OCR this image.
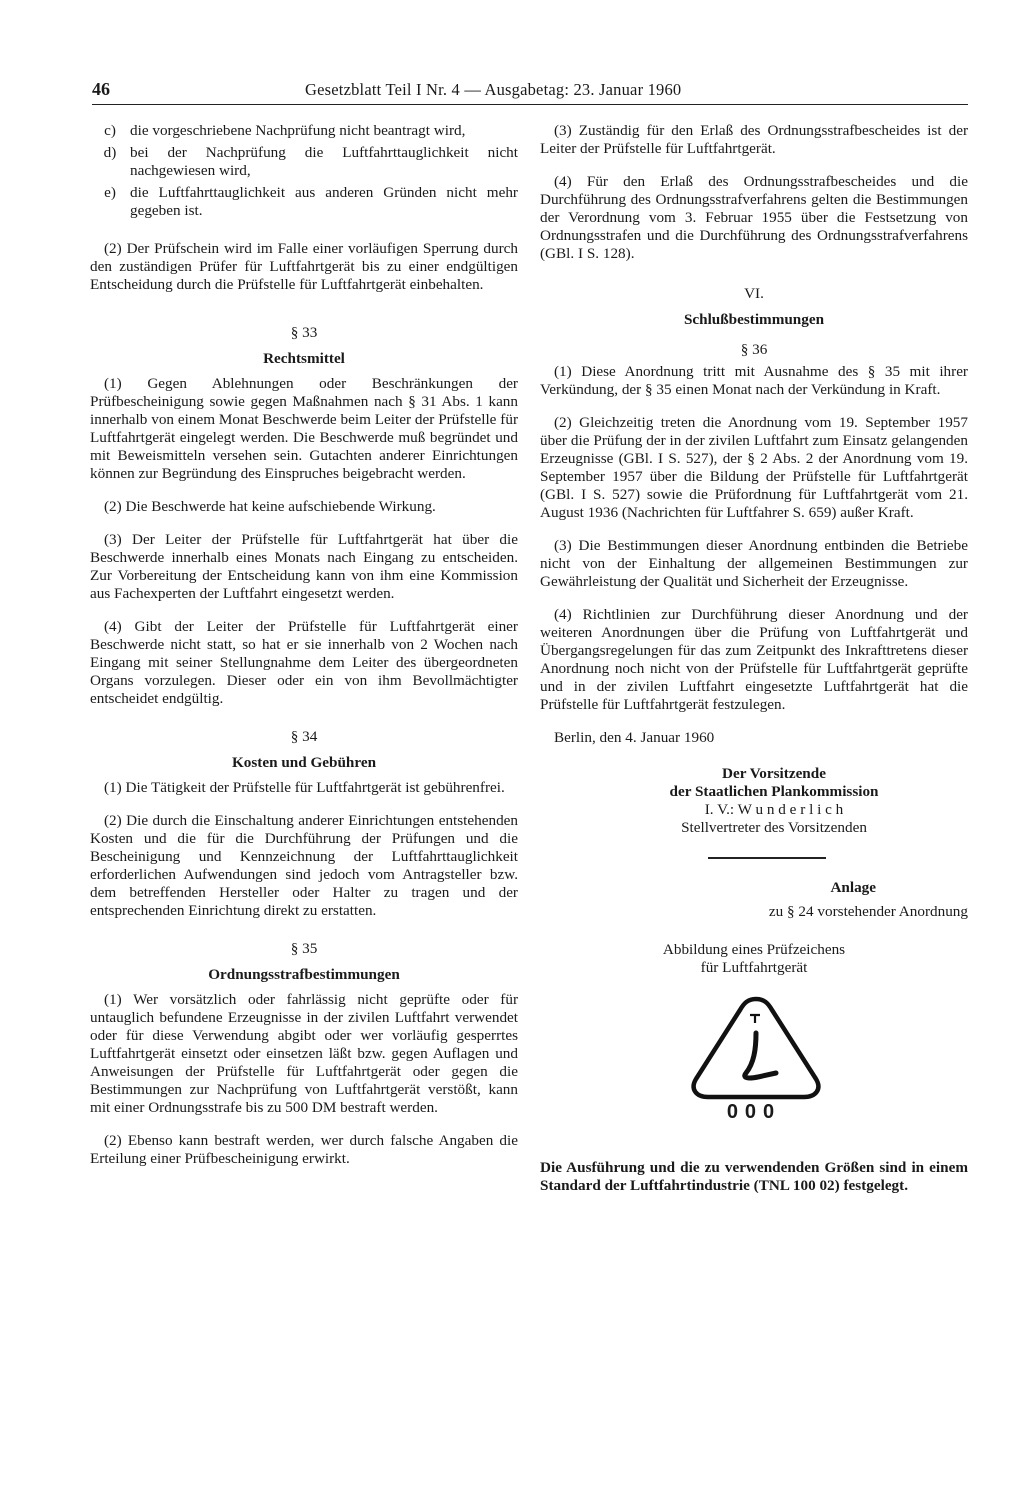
46	Gesetzblatt Teil I Nr. 4 — Ausgabetag: 23. Januar 1960
c) die vorgeschriebene Nachprüfung nicht beantragt wird,
d) bei der Nachprüfung die Luftfahrttauglichkeit nicht nachgewiesen wird,
e) die Luftfahrttauglichkeit aus anderen Gründen nicht mehr gegeben ist.

(2) Der Prüfschein wird im Falle einer vorläufigen Sperrung durch den zuständigen Prüfer für Luftfahrtgerät bis zu einer endgültigen Entscheidung durch die Prüfstelle für Luftfahrtgerät einbehalten.

§ 33
Rechtsmittel

(1) Gegen Ablehnungen oder Beschränkungen der Prüfbescheinigung sowie gegen Maßnahmen nach § 31 Abs. 1 kann innerhalb von einem Monat Beschwerde beim Leiter der Prüfstelle für Luftfahrtgerät eingelegt werden. Die Beschwerde muß begründet und mit Beweismitteln versehen sein. Gutachten anderer Einrichtungen können zur Begründung des Einspruches beigebracht werden.

(2) Die Beschwerde hat keine aufschiebende Wirkung.

(3) Der Leiter der Prüfstelle für Luftfahrtgerät hat über die Beschwerde innerhalb eines Monats nach Eingang zu entscheiden. Zur Vorbereitung der Entscheidung kann von ihm eine Kommission aus Fachexperten der Luftfahrt eingesetzt werden.

(4) Gibt der Leiter der Prüfstelle für Luftfahrtgerät einer Beschwerde nicht statt, so hat er sie innerhalb von 2 Wochen nach Eingang mit seiner Stellungnahme dem Leiter des übergeordneten Organs vorzulegen. Dieser oder ein von ihm Bevollmächtigter entscheidet endgültig.

§ 34
Kosten und Gebühren

(1) Die Tätigkeit der Prüfstelle für Luftfahrtgerät ist gebührenfrei.

(2) Die durch die Einschaltung anderer Einrichtungen entstehenden Kosten und die für die Durchführung der Prüfungen und die Bescheinigung und Kennzeichnung der Luftfahrttauglichkeit erforderlichen Aufwendungen sind jedoch vom Antragsteller bzw. dem betreffenden Hersteller oder Halter zu tragen und der entsprechenden Einrichtung direkt zu erstatten.

§ 35
Ordnungsstrafbestimmungen

(1) Wer vorsätzlich oder fahrlässig nicht geprüfte oder für untauglich befundene Erzeugnisse in der zivilen Luftfahrt verwendet oder für diese Verwendung abgibt oder wer vorläufig gesperrtes Luftfahrtgerät einsetzt oder einsetzen läßt bzw. gegen Auflagen und Anweisungen der Prüfstelle für Luftfahrtgerät oder gegen die Bestimmungen zur Nachprüfung von Luftfahrtgerät verstößt, kann mit einer Ordnungsstrafe bis zu 500 DM bestraft werden.

(2) Ebenso kann bestraft werden, wer durch falsche Angaben die Erteilung einer Prüfbescheinigung erwirkt.

(3) Zuständig für den Erlaß des Ordnungsstrafbescheides ist der Leiter der Prüfstelle für Luftfahrtgerät.

(4) Für den Erlaß des Ordnungsstrafbescheides und die Durchführung des Ordnungsstrafverfahrens gelten die Bestimmungen der Verordnung vom 3. Februar 1955 über die Festsetzung von Ordnungsstrafen und die Durchführung des Ordnungsstrafverfahrens (GBl. I S. 128).

VI.
Schlußbestimmungen
§ 36

(1) Diese Anordnung tritt mit Ausnahme des § 35 mit ihrer Verkündung, der § 35 einen Monat nach der Verkündung in Kraft.

(2) Gleichzeitig treten die Anordnung vom 19. September 1957 über die Prüfung der in der zivilen Luftfahrt zum Einsatz gelangenden Erzeugnisse (GBl. I S. 527), der § 2 Abs. 2 der Anordnung vom 19. September 1957 über die Bildung der Prüfstelle für Luftfahrtgerät (GBl. I S. 527) sowie die Prüfordnung für Luftfahrtgerät vom 21. August 1936 (Nachrichten für Luftfahrer S. 659) außer Kraft.

(3) Die Bestimmungen dieser Anordnung entbinden die Betriebe nicht von der Einhaltung der allgemeinen Bestimmungen zur Gewährleistung der Qualität und Sicherheit der Erzeugnisse.

(4) Richtlinien zur Durchführung dieser Anordnung und der weiteren Anordnungen über die Prüfung von Luftfahrtgerät und Übergangsregelungen für das zum Zeitpunkt des Inkrafttretens dieser Anordnung noch nicht von der Prüfstelle für Luftfahrtgerät geprüfte und in der zivilen Luftfahrt eingesetzte Luftfahrtgerät hat die Prüfstelle für Luftfahrtgerät festzulegen.

Berlin, den 4. Januar 1960
Der Vorsitzende
der Staatlichen Plankommission
I. V.: W u n d e r l i c h
Stellvertreter des Vorsitzenden
Anlage
zu § 24 vorstehender Anordnung
Abbildung eines Prüfzeichens
für Luftfahrtgerät
000

Die Ausführung und die zu verwendenden Größen sind in einem Standard der Luftfahrtindustrie (TNL 100 02) festgelegt.
